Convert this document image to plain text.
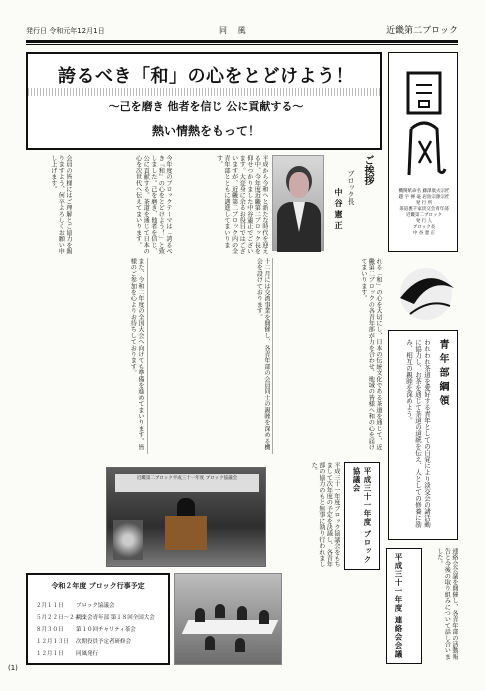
発行日 令和元年12月1日	同 風	近畿第二ブロック
誇るべき「和」の心をとどけよう！
～己を磨き 他者を信じ 公に貢献する～
熱い情熱をもって！
機関紙命名 藤澤康夫宗匠
題 字 揮 毫 岩島宗源宗匠
発 行 所
茶道裏千家淡交会青年部
近畿第二ブロック
発 行 人
ブロック長
中 谷 憲 正
ご挨拶
ブロック長
中谷憲正
平成から令和へと新たな時代を迎える中、今年度近畿第二ブロック長を仰せつかりました中谷憲正でございます。大変身に余るお役目ではございますが、近畿第二ブロック内の全青年部とともに邁進してまいります。
今年度のブロックテーマは「誇るべき『和』の心をとどけよう！」と致しました。己を磨き、他者を信じ、公に貢献する。茶道を通じて日本の心を次世代へ伝えてまいります。
会員の皆様にはご理解とご協力を賜りますよう、何卒よろしくお願い申し上げます。
れる「和」の心を大切にし、日本の伝統文化である茶道を通じて、近畿第二ブロックの各青年部が力を合わせ、地域の皆様へ和の心を届けてまいります。
十二月には交流事業を開催し、各青年部の会員同士の親睦を深める機会を設けております。
また、令和二年度の全国大会へ向けても準備を進めてまいります。皆様のご参加を心よりお待ちしております。	青年部綱領
われわれ茶道を愛好する青年としての自覚により淡交会の諸活動に協力し、お茶を通じて茶道の道統を伝え、人としての修養に励み、相互の親睦を深めよう。
平成三十一年度 ブロック協議会
平成三十一年度ブロック協議会をもちまして次年度の予定を決議し、各青年部の協力のもと無事に執り行われました。
平成三十一年度 連絡会会議	連絡会会議を開催し、各青年部の活動報告と今後の取り組みについて話し合いました。
近畿第二ブロック平成三十一年度 ブロック協議会
令和２年度 ブロック行事予定
２月１１日 ブロック協議会
５月２２日～２４日淡交会青年部 第１８回全国大会
８月３０日 第１０回チャリティ茶会
１２月１３日 次期役員予定者研修会
１２月１日 同風発行
(1)
